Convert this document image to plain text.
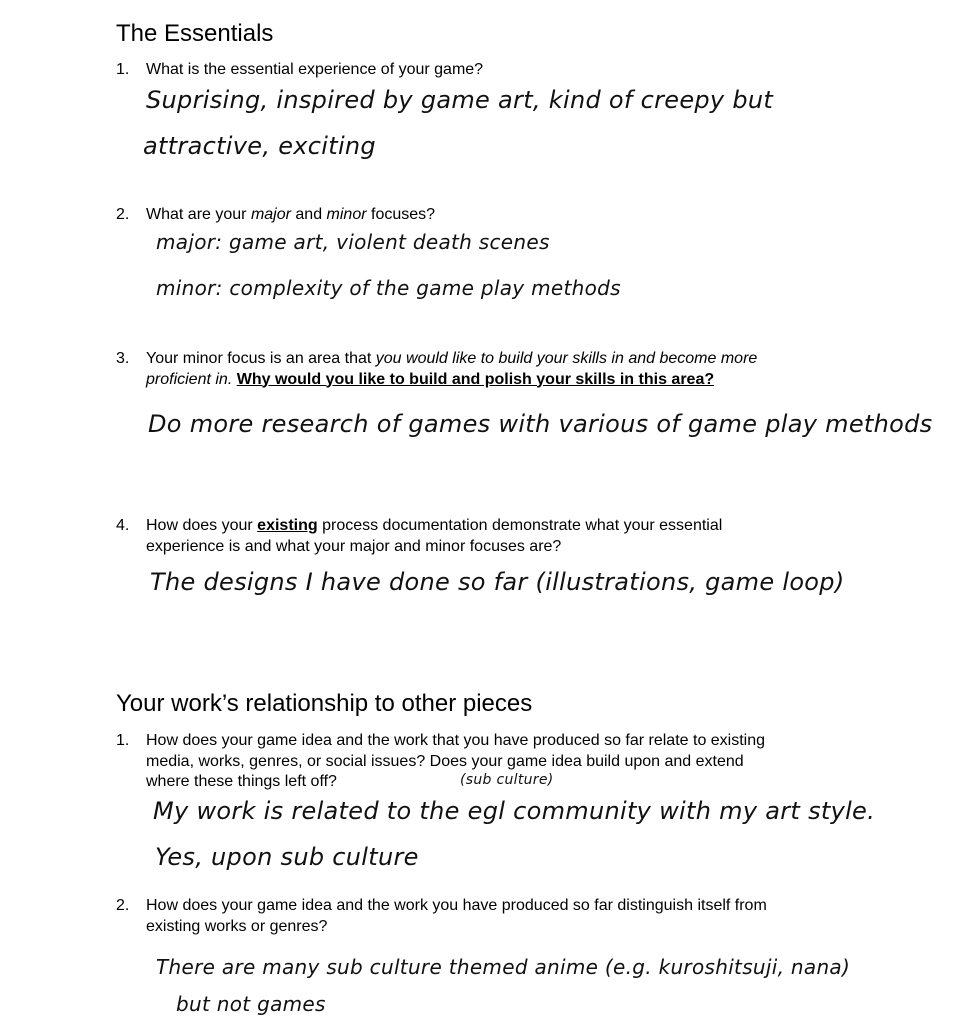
The Essentials
1. What is the essential experience of your game?
Suprising, inspired by game art, kind of creepy but
attractive, exciting
2. What are your major and minor focuses?
major: game art, violent death scenes
minor: complexity of the game play methods
3. Your minor focus is an area that you would like to build your skills in and become more
proficient in. Why would you like to build and polish your skills in this area?
Do more research of games with various of game play methods
4. How does your existing process documentation demonstrate what your essential
experience is and what your major and minor focuses are?
The designs I have done so far (illustrations, game loop)
Your work’s relationship to other pieces
1. How does your game idea and the work that you have produced so far relate to existing
media, works, genres, or social issues? Does your game idea build upon and extend
where these things left off?	(sub culture)
My work is related to the egl community with my art style.
Yes, upon sub culture
2. How does your game idea and the work you have produced so far distinguish itself from
existing works or genres?
There are many sub culture themed anime (e.g. kuroshitsuji, nana)
but not games
